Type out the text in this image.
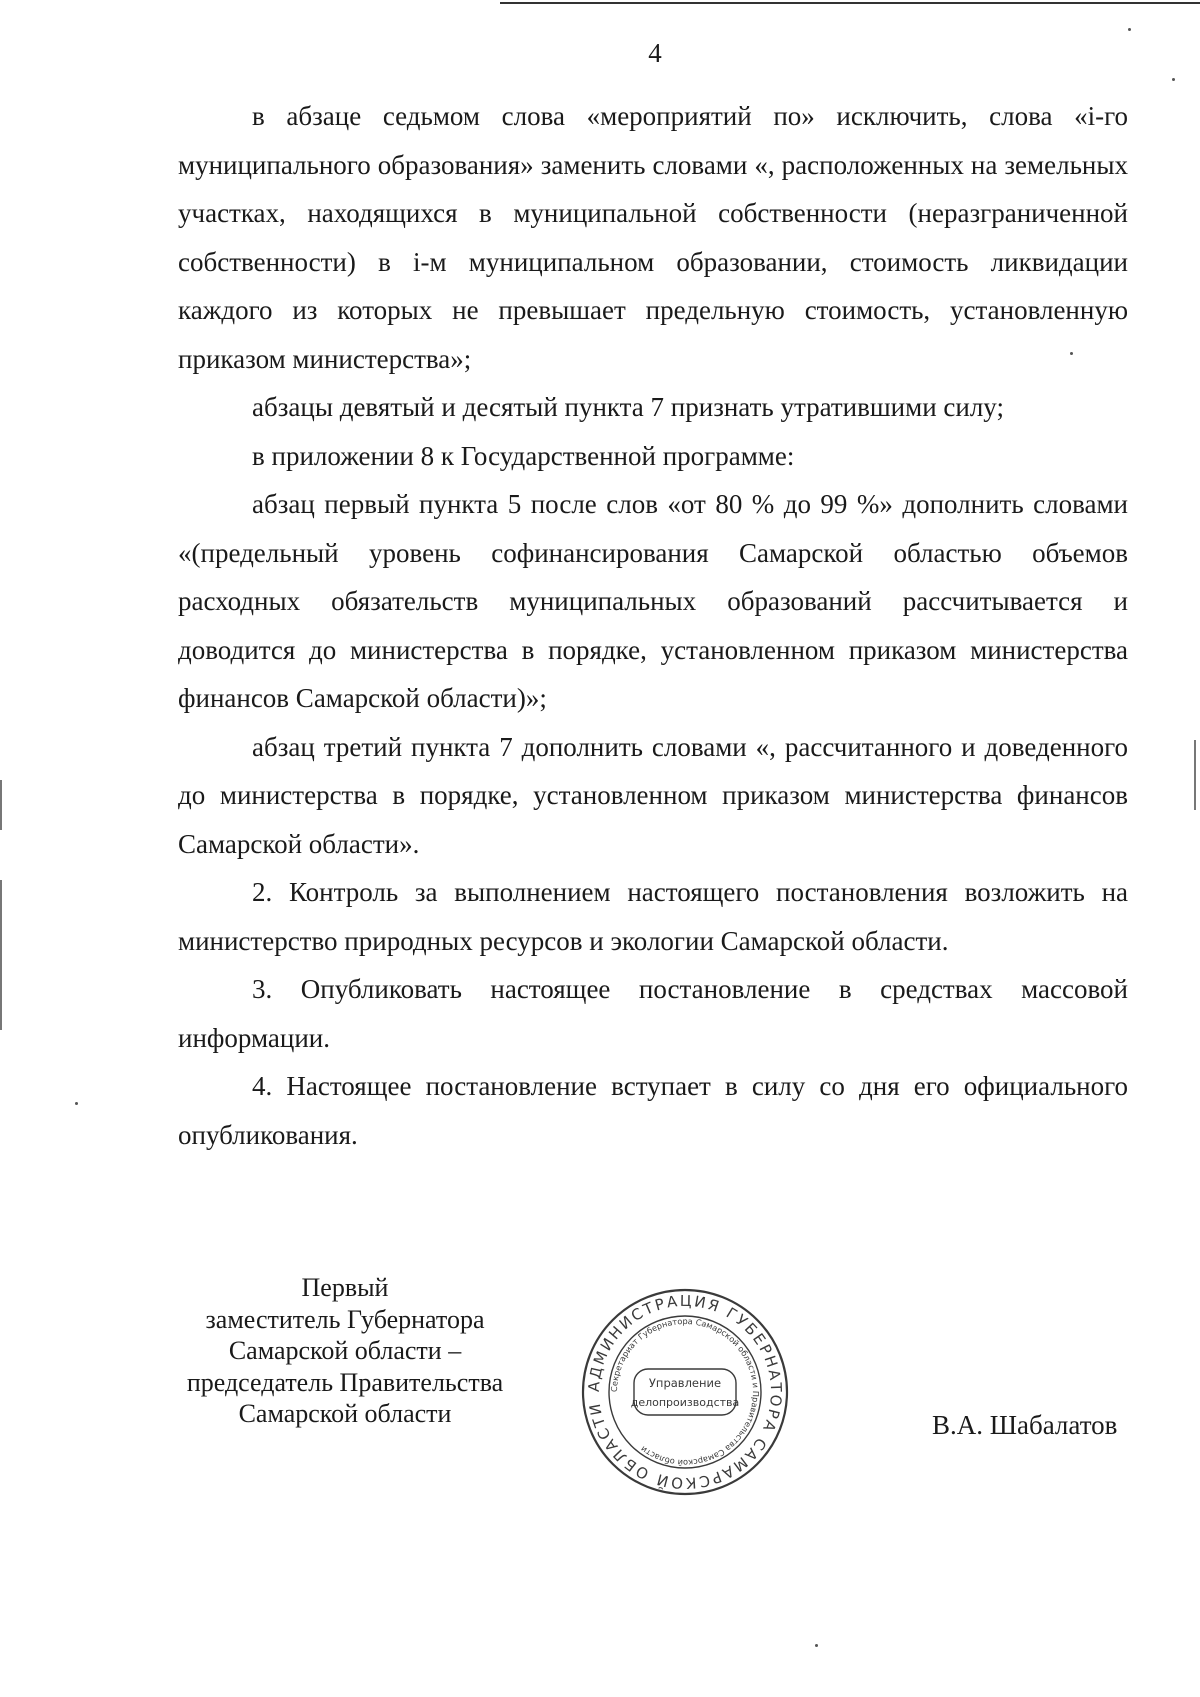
4

в абзаце седьмом слова «мероприятий по» исключить, слова «i-го муниципального образования» заменить словами «, расположенных на земельных участках, находящихся в муниципальной собственности (неразграниченной собственности) в i-м муниципальном образовании, стоимость ликвидации каждого из которых не превышает предельную стоимость, установленную приказом министерства»;

абзацы девятый и десятый пункта 7 признать утратившими силу;

в приложении 8 к Государственной программе:

абзац первый пункта 5 после слов «от 80 % до 99 %» дополнить словами «(предельный уровень софинансирования Самарской областью объемов расходных обязательств муниципальных образований рассчитывается и доводится до министерства в порядке, установленном приказом министерства финансов Самарской области)»;

абзац третий пункта 7 дополнить словами «, рассчитанного и доведенного до министерства в порядке, установленном приказом министерства финансов Самарской области».

2. Контроль за выполнением настоящего постановления возложить на министерство природных ресурсов и экологии Самарской области.

3. Опубликовать настоящее постановление в средствах массовой информации.

4. Настоящее постановление вступает в силу со дня его официального опубликования.

Первый
заместитель Губернатора
Самарской области –
председатель Правительства
Самарской области
АДМИНИСТРАЦИЯ ГУБЕРНАТОРА САМАРСКОЙ ОБЛАСТИ
Секретариат Губернатора Самарской области и Правительства Самарской области
Управление
делопроизводства
В.А. Шабалатов
